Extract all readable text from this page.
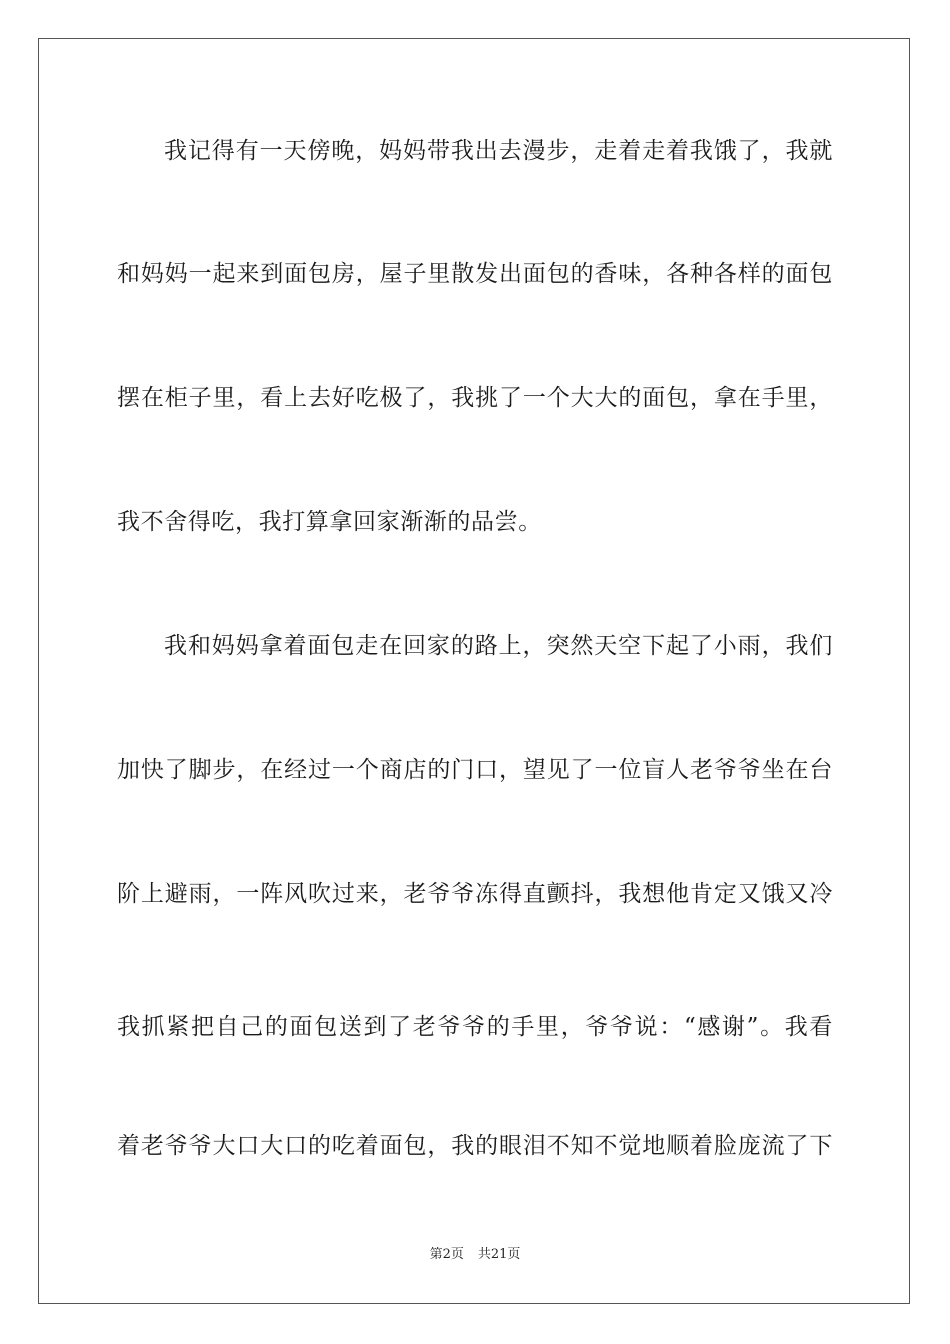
我记得有一天傍晚，妈妈带我出去漫步，走着走着我饿了，我就
和妈妈一起来到面包房，屋子里散发出面包的香味，各种各样的面包
摆在柜子里，看上去好吃极了，我挑了一个大大的面包，拿在手里，
我不舍得吃，我打算拿回家渐渐的品尝。
我和妈妈拿着面包走在回家的路上，突然天空下起了小雨，我们
加快了脚步，在经过一个商店的门口，望见了一位盲人老爷爷坐在台
阶上避雨，一阵风吹过来，老爷爷冻得直颤抖，我想他肯定又饿又冷
我抓紧把自己的面包送到了老爷爷的手里，爷爷说：“感谢”。我看
着老爷爷大口大口的吃着面包，我的眼泪不知不觉地顺着脸庞流了下
第2页 共21页
